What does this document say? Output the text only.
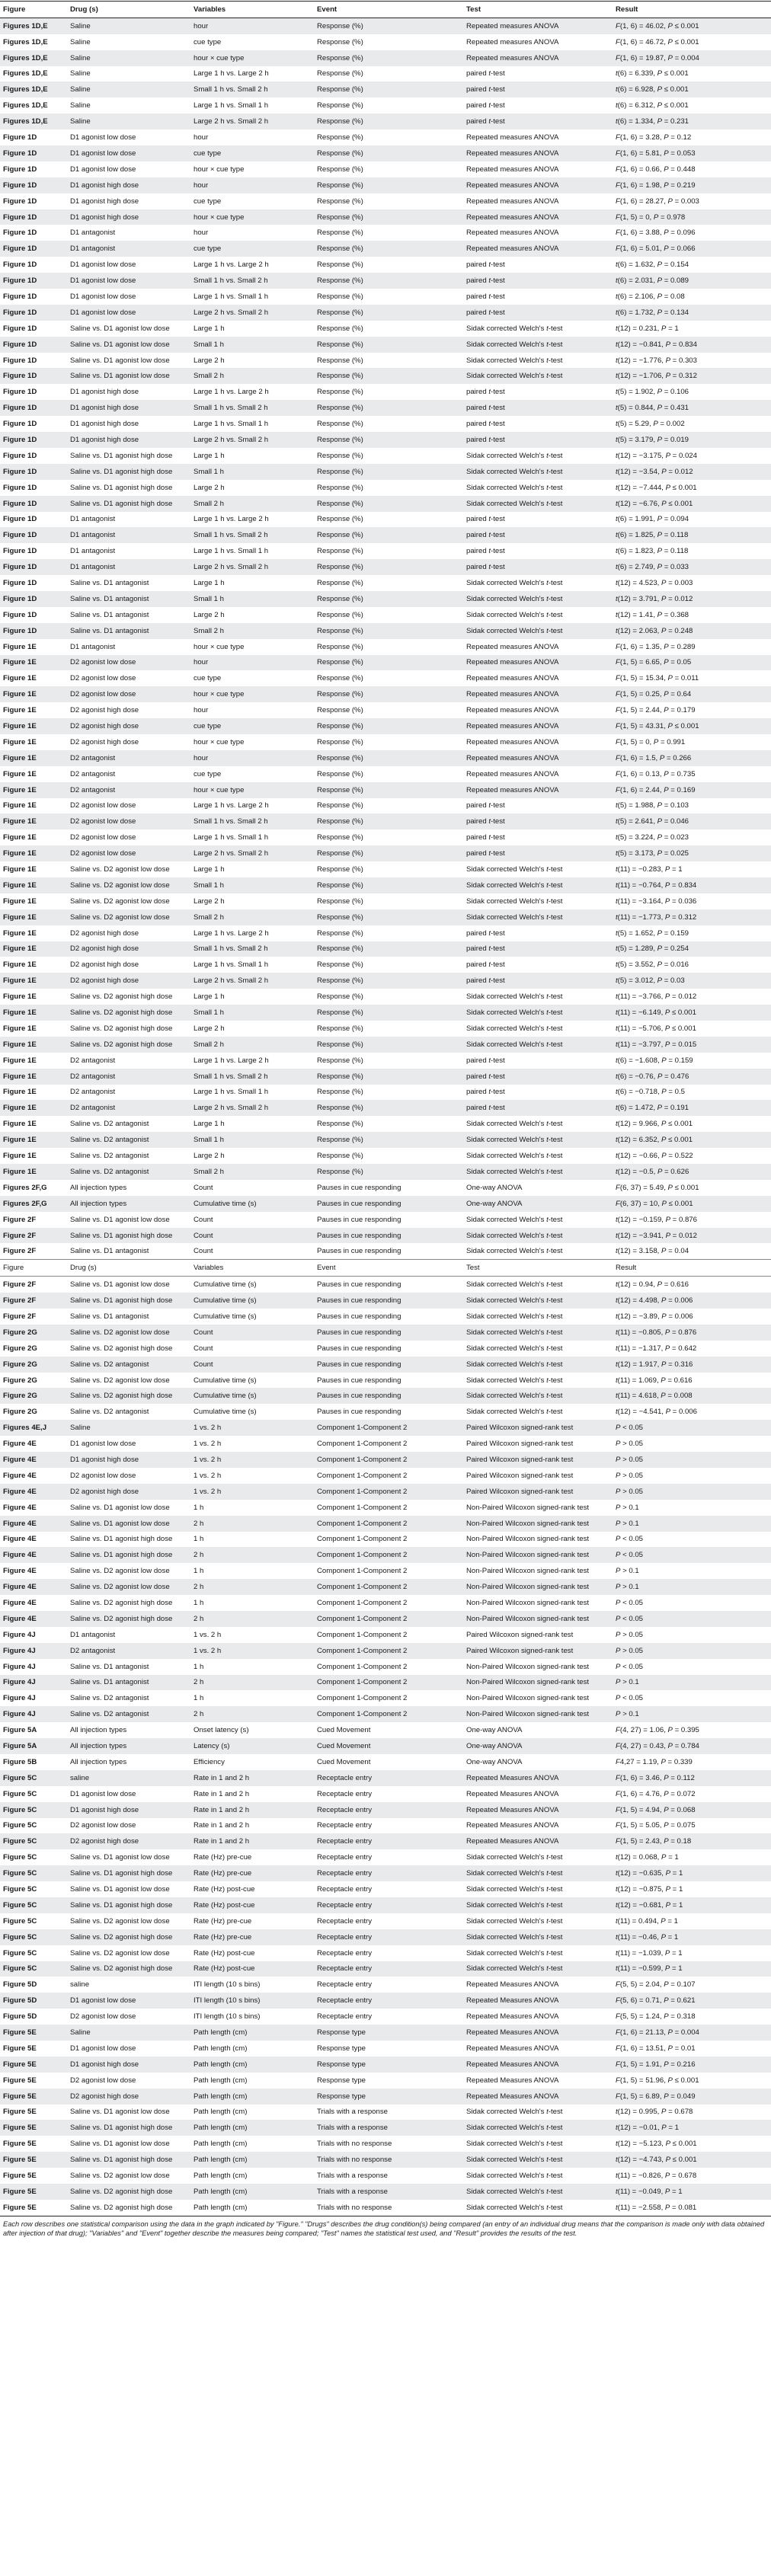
Figure	Drug (s)	Variables	Event	Test	Result
Figures 1D,E	Saline	hour	Response (%)	Repeated measures ANOVA	F(1, 6) = 46.02, P ≤ 0.001
Figures 1D,E	Saline	cue type	Response (%)	Repeated measures ANOVA	F(1, 6) = 46.72, P ≤ 0.001
Figures 1D,E	Saline	hour × cue type	Response (%)	Repeated measures ANOVA	F(1, 6) = 19.87, P = 0.004
Figures 1D,E	Saline	Large 1 h vs. Large 2 h	Response (%)	paired t-test	t(6) = 6.339, P ≤ 0.001
Figures 1D,E	Saline	Small 1 h vs. Small 2 h	Response (%)	paired t-test	t(6) = 6.928, P ≤ 0.001
Figures 1D,E	Saline	Large 1 h vs. Small 1 h	Response (%)	paired t-test	t(6) = 6.312, P ≤ 0.001
Figures 1D,E	Saline	Large 2 h vs. Small 2 h	Response (%)	paired t-test	t(6) = 1.334, P = 0.231
Figure 1D	D1 agonist low dose	hour	Response (%)	Repeated measures ANOVA	F(1, 6) = 3.28, P = 0.12
Figure 1D	D1 agonist low dose	cue type	Response (%)	Repeated measures ANOVA	F(1, 6) = 5.81, P = 0.053
Figure 1D	D1 agonist low dose	hour × cue type	Response (%)	Repeated measures ANOVA	F(1, 6) = 0.66, P = 0.448
Figure 1D	D1 agonist high dose	hour	Response (%)	Repeated measures ANOVA	F(1, 6) = 1.98, P = 0.219
Figure 1D	D1 agonist high dose	cue type	Response (%)	Repeated measures ANOVA	F(1, 6) = 28.27, P = 0.003
Figure 1D	D1 agonist high dose	hour × cue type	Response (%)	Repeated measures ANOVA	F(1, 5) = 0, P = 0.978
Figure 1D	D1 antagonist	hour	Response (%)	Repeated measures ANOVA	F(1, 6) = 3.88, P = 0.096
Figure 1D	D1 antagonist	cue type	Response (%)	Repeated measures ANOVA	F(1, 6) = 5.01, P = 0.066
Figure 1D	D1 agonist low dose	Large 1 h vs. Large 2 h	Response (%)	paired t-test	t(6) = 1.632, P = 0.154
Figure 1D	D1 agonist low dose	Small 1 h vs. Small 2 h	Response (%)	paired t-test	t(6) = 2.031, P = 0.089
Figure 1D	D1 agonist low dose	Large 1 h vs. Small 1 h	Response (%)	paired t-test	t(6) = 2.106, P = 0.08
Figure 1D	D1 agonist low dose	Large 2 h vs. Small 2 h	Response (%)	paired t-test	t(6) = 1.732, P = 0.134
Figure 1D	Saline vs. D1 agonist low dose	Large 1 h	Response (%)	Sidak corrected Welch's t-test	t(12) = 0.231, P = 1
Figure 1D	Saline vs. D1 agonist low dose	Small 1 h	Response (%)	Sidak corrected Welch's t-test	t(12) = −0.841, P = 0.834
Figure 1D	Saline vs. D1 agonist low dose	Large 2 h	Response (%)	Sidak corrected Welch's t-test	t(12) = −1.776, P = 0.303
Figure 1D	Saline vs. D1 agonist low dose	Small 2 h	Response (%)	Sidak corrected Welch's t-test	t(12) = −1.706, P = 0.312
Figure 1D	D1 agonist high dose	Large 1 h vs. Large 2 h	Response (%)	paired t-test	t(5) = 1.902, P = 0.106
Figure 1D	D1 agonist high dose	Small 1 h vs. Small 2 h	Response (%)	paired t-test	t(5) = 0.844, P = 0.431
Figure 1D	D1 agonist high dose	Large 1 h vs. Small 1 h	Response (%)	paired t-test	t(5) = 5.29, P = 0.002
Figure 1D	D1 agonist high dose	Large 2 h vs. Small 2 h	Response (%)	paired t-test	t(5) = 3.179, P = 0.019
Figure 1D	Saline vs. D1 agonist high dose	Large 1 h	Response (%)	Sidak corrected Welch's t-test	t(12) = −3.175, P = 0.024
Figure 1D	Saline vs. D1 agonist high dose	Small 1 h	Response (%)	Sidak corrected Welch's t-test	t(12) = −3.54, P = 0.012
Figure 1D	Saline vs. D1 agonist high dose	Large 2 h	Response (%)	Sidak corrected Welch's t-test	t(12) = −7.444, P ≤ 0.001
Figure 1D	Saline vs. D1 agonist high dose	Small 2 h	Response (%)	Sidak corrected Welch's t-test	t(12) = −6.76, P ≤ 0.001
Figure 1D	D1 antagonist	Large 1 h vs. Large 2 h	Response (%)	paired t-test	t(6) = 1.991, P = 0.094
Figure 1D	D1 antagonist	Small 1 h vs. Small 2 h	Response (%)	paired t-test	t(6) = 1.825, P = 0.118
Figure 1D	D1 antagonist	Large 1 h vs. Small 1 h	Response (%)	paired t-test	t(6) = 1.823, P = 0.118
Figure 1D	D1 antagonist	Large 2 h vs. Small 2 h	Response (%)	paired t-test	t(6) = 2.749, P = 0.033
Figure 1D	Saline vs. D1 antagonist	Large 1 h	Response (%)	Sidak corrected Welch's t-test	t(12) = 4.523, P = 0.003
Figure 1D	Saline vs. D1 antagonist	Small 1 h	Response (%)	Sidak corrected Welch's t-test	t(12) = 3.791, P = 0.012
Figure 1D	Saline vs. D1 antagonist	Large 2 h	Response (%)	Sidak corrected Welch's t-test	t(12) = 1.41, P = 0.368
Figure 1D	Saline vs. D1 antagonist	Small 2 h	Response (%)	Sidak corrected Welch's t-test	t(12) = 2.063, P = 0.248
Figure 1E	D1 antagonist	hour × cue type	Response (%)	Repeated measures ANOVA	F(1, 6) = 1.35, P = 0.289
Figure 1E	D2 agonist low dose	hour	Response (%)	Repeated measures ANOVA	F(1, 5) = 6.65, P = 0.05
Figure 1E	D2 agonist low dose	cue type	Response (%)	Repeated measures ANOVA	F(1, 5) = 15.34, P = 0.011
Figure 1E	D2 agonist low dose	hour × cue type	Response (%)	Repeated measures ANOVA	F(1, 5) = 0.25, P = 0.64
Figure 1E	D2 agonist high dose	hour	Response (%)	Repeated measures ANOVA	F(1, 5) = 2.44, P = 0.179
Figure 1E	D2 agonist high dose	cue type	Response (%)	Repeated measures ANOVA	F(1, 5) = 43.31, P ≤ 0.001
Figure 1E	D2 agonist high dose	hour × cue type	Response (%)	Repeated measures ANOVA	F(1, 5) = 0, P = 0.991
Figure 1E	D2 antagonist	hour	Response (%)	Repeated measures ANOVA	F(1, 6) = 1.5, P = 0.266
Figure 1E	D2 antagonist	cue type	Response (%)	Repeated measures ANOVA	F(1, 6) = 0.13, P = 0.735
Figure 1E	D2 antagonist	hour × cue type	Response (%)	Repeated measures ANOVA	F(1, 6) = 2.44, P = 0.169
Figure 1E	D2 agonist low dose	Large 1 h vs. Large 2 h	Response (%)	paired t-test	t(5) = 1.988, P = 0.103
Figure 1E	D2 agonist low dose	Small 1 h vs. Small 2 h	Response (%)	paired t-test	t(5) = 2.641, P = 0.046
Figure 1E	D2 agonist low dose	Large 1 h vs. Small 1 h	Response (%)	paired t-test	t(5) = 3.224, P = 0.023
Figure 1E	D2 agonist low dose	Large 2 h vs. Small 2 h	Response (%)	paired t-test	t(5) = 3.173, P = 0.025
Figure 1E	Saline vs. D2 agonist low dose	Large 1 h	Response (%)	Sidak corrected Welch's t-test	t(11) = −0.283, P = 1
Figure 1E	Saline vs. D2 agonist low dose	Small 1 h	Response (%)	Sidak corrected Welch's t-test	t(11) = −0.764, P = 0.834
Figure 1E	Saline vs. D2 agonist low dose	Large 2 h	Response (%)	Sidak corrected Welch's t-test	t(11) = −3.164, P = 0.036
Figure 1E	Saline vs. D2 agonist low dose	Small 2 h	Response (%)	Sidak corrected Welch's t-test	t(11) = −1.773, P = 0.312
Figure 1E	D2 agonist high dose	Large 1 h vs. Large 2 h	Response (%)	paired t-test	t(5) = 1.652, P = 0.159
Figure 1E	D2 agonist high dose	Small 1 h vs. Small 2 h	Response (%)	paired t-test	t(5) = 1.289, P = 0.254
Figure 1E	D2 agonist high dose	Large 1 h vs. Small 1 h	Response (%)	paired t-test	t(5) = 3.552, P = 0.016
Figure 1E	D2 agonist high dose	Large 2 h vs. Small 2 h	Response (%)	paired t-test	t(5) = 3.012, P = 0.03
Figure 1E	Saline vs. D2 agonist high dose	Large 1 h	Response (%)	Sidak corrected Welch's t-test	t(11) = −3.766, P = 0.012
Figure 1E	Saline vs. D2 agonist high dose	Small 1 h	Response (%)	Sidak corrected Welch's t-test	t(11) = −6.149, P ≤ 0.001
Figure 1E	Saline vs. D2 agonist high dose	Large 2 h	Response (%)	Sidak corrected Welch's t-test	t(11) = −5.706, P ≤ 0.001
Figure 1E	Saline vs. D2 agonist high dose	Small 2 h	Response (%)	Sidak corrected Welch's t-test	t(11) = −3.797, P = 0.015
Figure 1E	D2 antagonist	Large 1 h vs. Large 2 h	Response (%)	paired t-test	t(6) = −1.608, P = 0.159
Figure 1E	D2 antagonist	Small 1 h vs. Small 2 h	Response (%)	paired t-test	t(6) = −0.76, P = 0.476
Figure 1E	D2 antagonist	Large 1 h vs. Small 1 h	Response (%)	paired t-test	t(6) = −0.718, P = 0.5
Figure 1E	D2 antagonist	Large 2 h vs. Small 2 h	Response (%)	paired t-test	t(6) = 1.472, P = 0.191
Figure 1E	Saline vs. D2 antagonist	Large 1 h	Response (%)	Sidak corrected Welch's t-test	t(12) = 9.966, P ≤ 0.001
Figure 1E	Saline vs. D2 antagonist	Small 1 h	Response (%)	Sidak corrected Welch's t-test	t(12) = 6.352, P ≤ 0.001
Figure 1E	Saline vs. D2 antagonist	Large 2 h	Response (%)	Sidak corrected Welch's t-test	t(12) = −0.66, P = 0.522
Figure 1E	Saline vs. D2 antagonist	Small 2 h	Response (%)	Sidak corrected Welch's t-test	t(12) = −0.5, P = 0.626
Figures 2F,G	All injection types	Count	Pauses in cue responding	One-way ANOVA	F(6, 37) = 5.49, P ≤ 0.001
Figures 2F,G	All injection types	Cumulative time (s)	Pauses in cue responding	One-way ANOVA	F(6, 37) = 10, P ≤ 0.001
Figure 2F	Saline vs. D1 agonist low dose	Count	Pauses in cue responding	Sidak corrected Welch's t-test	t(12) = −0.159, P = 0.876
Figure 2F	Saline vs. D1 agonist high dose	Count	Pauses in cue responding	Sidak corrected Welch's t-test	t(12) = −3.941, P = 0.012
Figure 2F	Saline vs. D1 antagonist	Count	Pauses in cue responding	Sidak corrected Welch's t-test	t(12) = 3.158, P = 0.04
Figure	Drug (s)	Variables	Event	Test	Result
Figure 2F	Saline vs. D1 agonist low dose	Cumulative time (s)	Pauses in cue responding	Sidak corrected Welch's t-test	t(12) = 0.94, P = 0.616
Figure 2F	Saline vs. D1 agonist high dose	Cumulative time (s)	Pauses in cue responding	Sidak corrected Welch's t-test	t(12) = 4.498, P = 0.006
Figure 2F	Saline vs. D1 antagonist	Cumulative time (s)	Pauses in cue responding	Sidak corrected Welch's t-test	t(12) = −3.89, P = 0.006
Figure 2G	Saline vs. D2 agonist low dose	Count	Pauses in cue responding	Sidak corrected Welch's t-test	t(11) = −0.805, P = 0.876
Figure 2G	Saline vs. D2 agonist high dose	Count	Pauses in cue responding	Sidak corrected Welch's t-test	t(11) = −1.317, P = 0.642
Figure 2G	Saline vs. D2 antagonist	Count	Pauses in cue responding	Sidak corrected Welch's t-test	t(12) = 1.917, P = 0.316
Figure 2G	Saline vs. D2 agonist low dose	Cumulative time (s)	Pauses in cue responding	Sidak corrected Welch's t-test	t(11) = 1.069, P = 0.616
Figure 2G	Saline vs. D2 agonist high dose	Cumulative time (s)	Pauses in cue responding	Sidak corrected Welch's t-test	t(11) = 4.618, P = 0.008
Figure 2G	Saline vs. D2 antagonist	Cumulative time (s)	Pauses in cue responding	Sidak corrected Welch's t-test	t(12) = −4.541, P = 0.006
Figures 4E,J	Saline	1 vs. 2 h	Component 1-Component 2	Paired Wilcoxon signed-rank test	P < 0.05
Figure 4E	D1 agonist low dose	1 vs. 2 h	Component 1-Component 2	Paired Wilcoxon signed-rank test	P > 0.05
Figure 4E	D1 agonist high dose	1 vs. 2 h	Component 1-Component 2	Paired Wilcoxon signed-rank test	P > 0.05
Figure 4E	D2 agonist low dose	1 vs. 2 h	Component 1-Component 2	Paired Wilcoxon signed-rank test	P > 0.05
Figure 4E	D2 agonist high dose	1 vs. 2 h	Component 1-Component 2	Paired Wilcoxon signed-rank test	P > 0.05
Figure 4E	Saline vs. D1 agonist low dose	1 h	Component 1-Component 2	Non-Paired Wilcoxon signed-rank test	P > 0.1
Figure 4E	Saline vs. D1 agonist low dose	2 h	Component 1-Component 2	Non-Paired Wilcoxon signed-rank test	P > 0.1
Figure 4E	Saline vs. D1 agonist high dose	1 h	Component 1-Component 2	Non-Paired Wilcoxon signed-rank test	P < 0.05
Figure 4E	Saline vs. D1 agonist high dose	2 h	Component 1-Component 2	Non-Paired Wilcoxon signed-rank test	P < 0.05
Figure 4E	Saline vs. D2 agonist low dose	1 h	Component 1-Component 2	Non-Paired Wilcoxon signed-rank test	P > 0.1
Figure 4E	Saline vs. D2 agonist low dose	2 h	Component 1-Component 2	Non-Paired Wilcoxon signed-rank test	P > 0.1
Figure 4E	Saline vs. D2 agonist high dose	1 h	Component 1-Component 2	Non-Paired Wilcoxon signed-rank test	P < 0.05
Figure 4E	Saline vs. D2 agonist high dose	2 h	Component 1-Component 2	Non-Paired Wilcoxon signed-rank test	P < 0.05
Figure 4J	D1 antagonist	1 vs. 2 h	Component 1-Component 2	Paired Wilcoxon signed-rank test	P > 0.05
Figure 4J	D2 antagonist	1 vs. 2 h	Component 1-Component 2	Paired Wilcoxon signed-rank test	P > 0.05
Figure 4J	Saline vs. D1 antagonist	1 h	Component 1-Component 2	Non-Paired Wilcoxon signed-rank test	P < 0.05
Figure 4J	Saline vs. D1 antagonist	2 h	Component 1-Component 2	Non-Paired Wilcoxon signed-rank test	P > 0.1
Figure 4J	Saline vs. D2 antagonist	1 h	Component 1-Component 2	Non-Paired Wilcoxon signed-rank test	P < 0.05
Figure 4J	Saline vs. D2 antagonist	2 h	Component 1-Component 2	Non-Paired Wilcoxon signed-rank test	P > 0.1
Figure 5A	All injection types	Onset latency (s)	Cued Movement	One-way ANOVA	F(4, 27) = 1.06, P = 0.395
Figure 5A	All injection types	Latency (s)	Cued Movement	One-way ANOVA	F(4, 27) = 0.43, P = 0.784
Figure 5B	All injection types	Efficiency	Cued Movement	One-way ANOVA	F4,27 = 1.19, P = 0.339
Figure 5C	saline	Rate in 1 and 2 h	Receptacle entry	Repeated Measures ANOVA	F(1, 6) = 3.46, P = 0.112
Figure 5C	D1 agonist low dose	Rate in 1 and 2 h	Receptacle entry	Repeated Measures ANOVA	F(1, 6) = 4.76, P = 0.072
Figure 5C	D1 agonist high dose	Rate in 1 and 2 h	Receptacle entry	Repeated Measures ANOVA	F(1, 5) = 4.94, P = 0.068
Figure 5C	D2 agonist low dose	Rate in 1 and 2 h	Receptacle entry	Repeated Measures ANOVA	F(1, 5) = 5.05, P = 0.075
Figure 5C	D2 agonist high dose	Rate in 1 and 2 h	Receptacle entry	Repeated Measures ANOVA	F(1, 5) = 2.43, P = 0.18
Figure 5C	Saline vs. D1 agonist low dose	Rate (Hz) pre-cue	Receptacle entry	Sidak corrected Welch's t-test	t(12) = 0.068, P = 1
Figure 5C	Saline vs. D1 agonist high dose	Rate (Hz) pre-cue	Receptacle entry	Sidak corrected Welch's t-test	t(12) = −0.635, P = 1
Figure 5C	Saline vs. D1 agonist low dose	Rate (Hz) post-cue	Receptacle entry	Sidak corrected Welch's t-test	t(12) = −0.875, P = 1
Figure 5C	Saline vs. D1 agonist high dose	Rate (Hz) post-cue	Receptacle entry	Sidak corrected Welch's t-test	t(12) = −0.681, P = 1
Figure 5C	Saline vs. D2 agonist low dose	Rate (Hz) pre-cue	Receptacle entry	Sidak corrected Welch's t-test	t(11) = 0.494, P = 1
Figure 5C	Saline vs. D2 agonist high dose	Rate (Hz) pre-cue	Receptacle entry	Sidak corrected Welch's t-test	t(11) = −0.46, P = 1
Figure 5C	Saline vs. D2 agonist low dose	Rate (Hz) post-cue	Receptacle entry	Sidak corrected Welch's t-test	t(11) = −1.039, P = 1
Figure 5C	Saline vs. D2 agonist high dose	Rate (Hz) post-cue	Receptacle entry	Sidak corrected Welch's t-test	t(11) = −0.599, P = 1
Figure 5D	saline	ITI length (10 s bins)	Receptacle entry	Repeated Measures ANOVA	F(5, 5) = 2.04, P = 0.107
Figure 5D	D1 agonist low dose	ITI length (10 s bins)	Receptacle entry	Repeated Measures ANOVA	F(5, 6) = 0.71, P = 0.621
Figure 5D	D2 agonist low dose	ITI length (10 s bins)	Receptacle entry	Repeated Measures ANOVA	F(5, 5) = 1.24, P = 0.318
Figure 5E	Saline	Path length (cm)	Response type	Repeated Measures ANOVA	F(1, 6) = 21.13, P = 0.004
Figure 5E	D1 agonist low dose	Path length (cm)	Response type	Repeated Measures ANOVA	F(1, 6) = 13.51, P = 0.01
Figure 5E	D1 agonist high dose	Path length (cm)	Response type	Repeated Measures ANOVA	F(1, 5) = 1.91, P = 0.216
Figure 5E	D2 agonist low dose	Path length (cm)	Response type	Repeated Measures ANOVA	F(1, 5) = 51.96, P ≤ 0.001
Figure 5E	D2 agonist high dose	Path length (cm)	Response type	Repeated Measures ANOVA	F(1, 5) = 6.89, P = 0.049
Figure 5E	Saline vs. D1 agonist low dose	Path length (cm)	Trials with a response	Sidak corrected Welch's t-test	t(12) = 0.995, P = 0.678
Figure 5E	Saline vs. D1 agonist high dose	Path length (cm)	Trials with a response	Sidak corrected Welch's t-test	t(12) = −0.01, P = 1
Figure 5E	Saline vs. D1 agonist low dose	Path length (cm)	Trials with no response	Sidak corrected Welch's t-test	t(12) = −5.123, P ≤ 0.001
Figure 5E	Saline vs. D1 agonist high dose	Path length (cm)	Trials with no response	Sidak corrected Welch's t-test	t(12) = −4.743, P ≤ 0.001
Figure 5E	Saline vs. D2 agonist low dose	Path length (cm)	Trials with a response	Sidak corrected Welch's t-test	t(11) = −0.826, P = 0.678
Figure 5E	Saline vs. D2 agonist high dose	Path length (cm)	Trials with a response	Sidak corrected Welch's t-test	t(11) = −0.049, P = 1
Figure 5E	Saline vs. D2 agonist high dose	Path length (cm)	Trials with no response	Sidak corrected Welch's t-test	t(11) = −2.558, P = 0.081
Each row describes one statistical comparison using the data in the graph indicated by "Figure." "Drugs" describes the drug condition(s) being compared (an entry of an individual drug means that the comparison is made only with data obtained after injection of that drug); "Variables" and "Event" together describe the measures being compared; "Test" names the statistical test used, and "Result" provides the results of the test.
